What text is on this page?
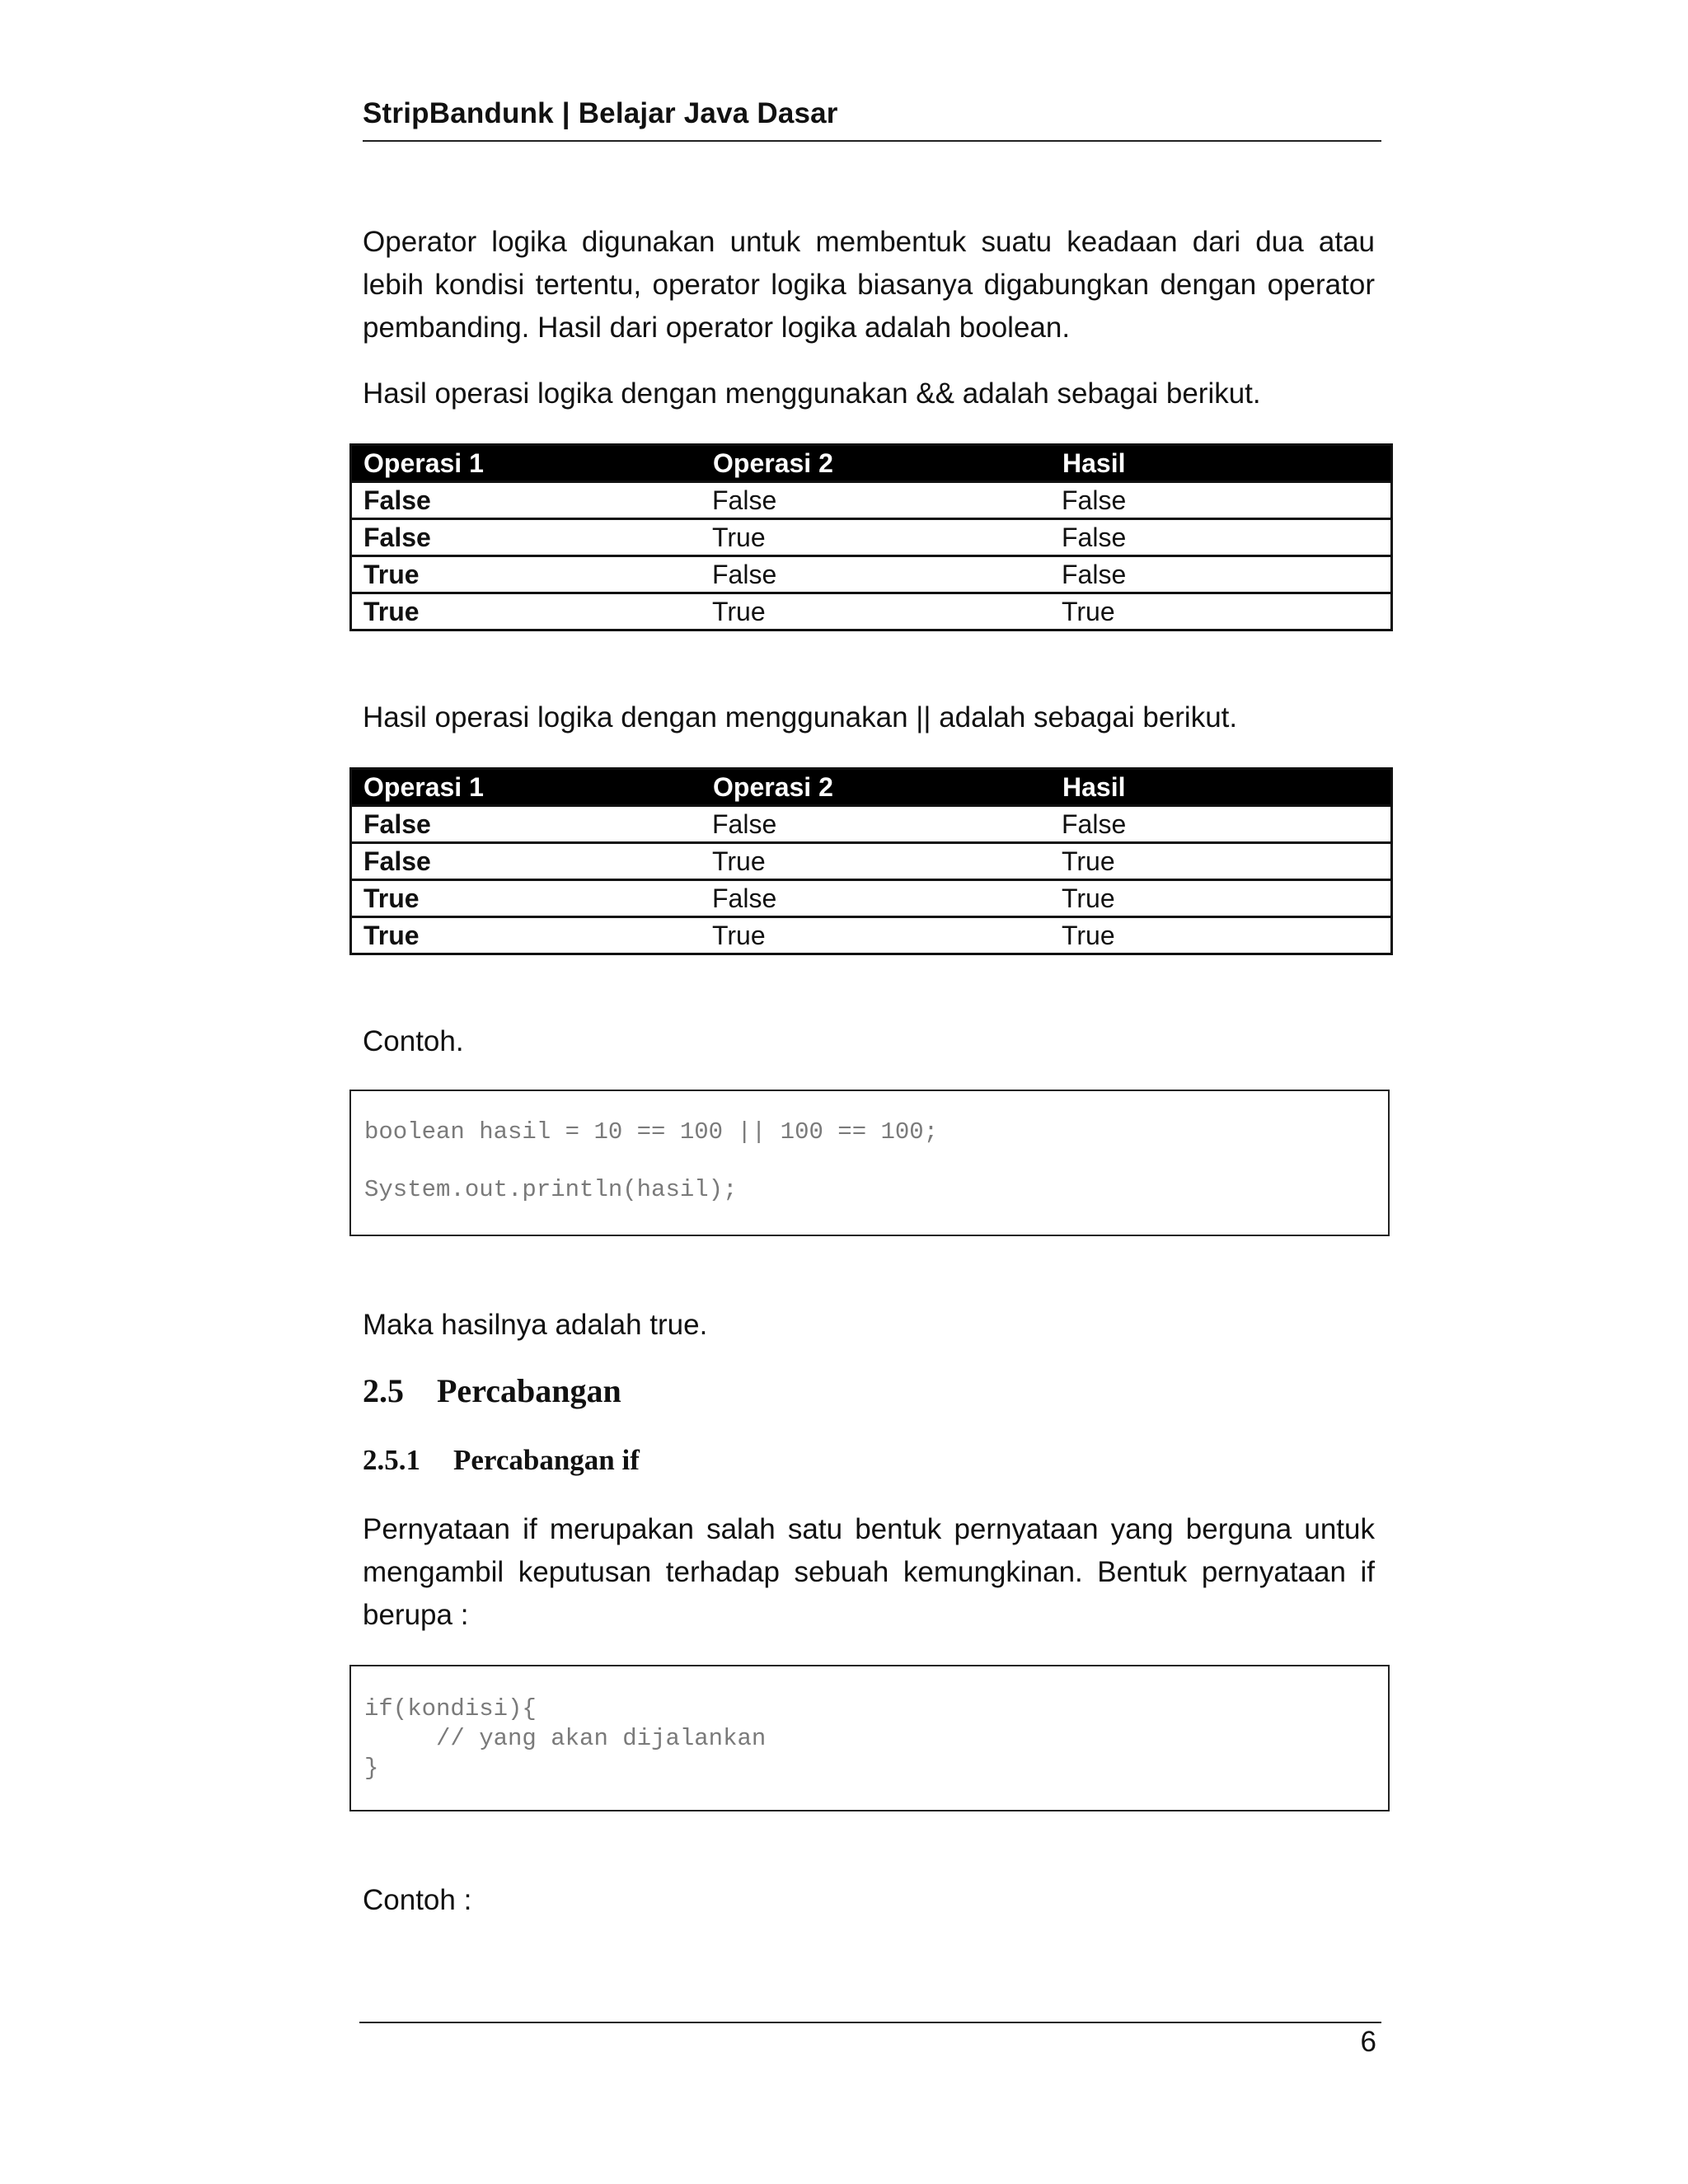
StripBandunk | Belajar Java Dasar

Operator logika digunakan untuk membentuk suatu keadaan dari dua atau lebih kondisi tertentu, operator logika biasanya digabungkan dengan operator pembanding. Hasil dari operator logika adalah boolean.

Hasil operasi logika dengan menggunakan && adalah sebagai berikut.

Operasi 1	Operasi 2	Hasil
False	False	False
False	True	False
True	False	False
True	True	True

Hasil operasi logika dengan menggunakan || adalah sebagai berikut.

Operasi 1	Operasi 2	Hasil
False	False	False
False	True	True
True	False	True
True	True	True

Contoh.

boolean hasil = 10 == 100 || 100 == 100;
System.out.println(hasil);

Maka hasilnya adalah true.

2.5 Percabangan
2.5.1 Percabangan if

Pernyataan if merupakan salah satu bentuk pernyataan yang berguna untuk mengambil keputusan terhadap sebuah kemungkinan. Bentuk pernyataan if berupa :

if(kondisi){
// yang akan dijalankan
}

Contoh :

6
